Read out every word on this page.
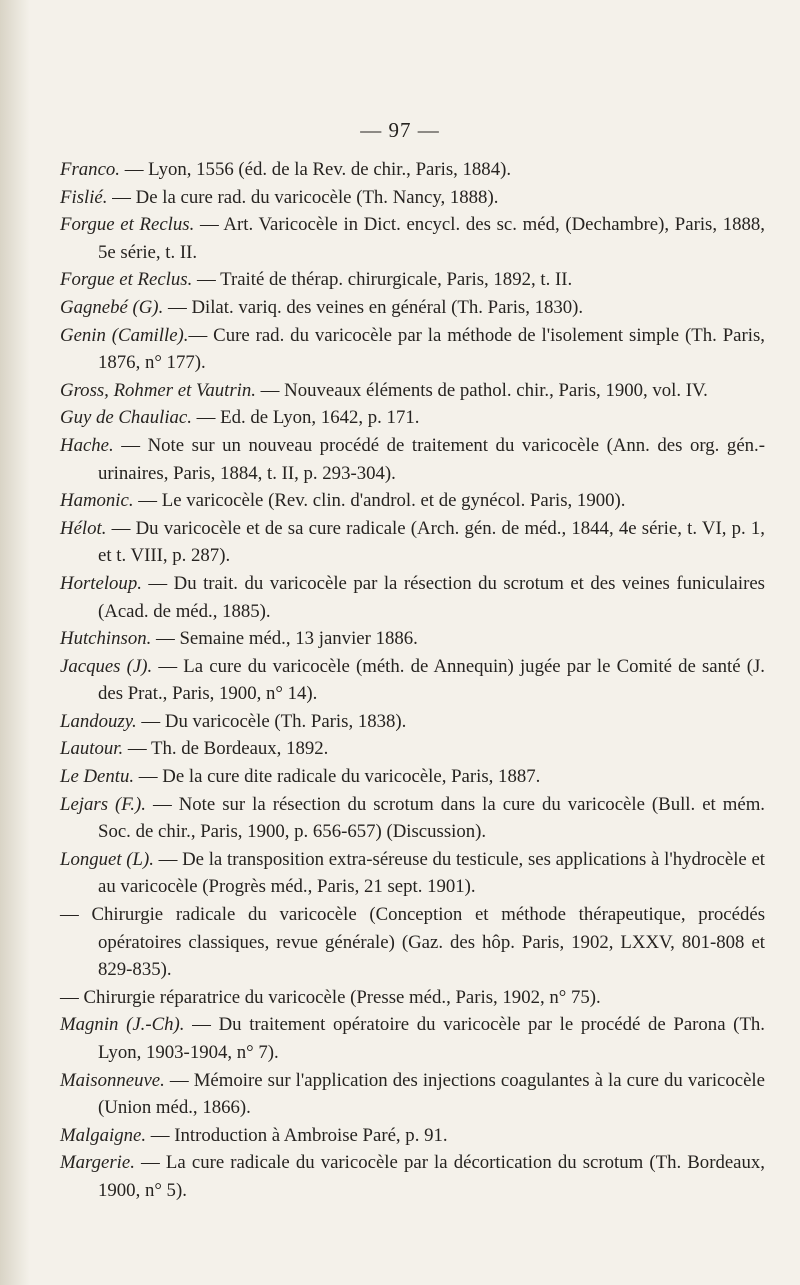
— 97 —

Franco. — Lyon, 1556 (éd. de la Rev. de chir., Paris, 1884).

Fislié. — De la cure rad. du varicocèle (Th. Nancy, 1888).

Forgue et Reclus. — Art. Varicocèle in Dict. encycl. des sc. méd, (Dechambre), Paris, 1888, 5e série, t. II.

Forgue et Reclus. — Traité de thérap. chirurgicale, Paris, 1892, t. II.

Gagnebé (G). — Dilat. variq. des veines en général (Th. Paris, 1830).

Genin (Camille).— Cure rad. du varicocèle par la méthode de l'isolement simple (Th. Paris, 1876, n° 177).

Gross, Rohmer et Vautrin. — Nouveaux éléments de pathol. chir., Paris, 1900, vol. IV.

Guy de Chauliac. — Ed. de Lyon, 1642, p. 171.

Hache. — Note sur un nouveau procédé de traitement du varicocèle (Ann. des org. gén.-urinaires, Paris, 1884, t. II, p. 293-304).

Hamonic. — Le varicocèle (Rev. clin. d'androl. et de gynécol. Paris, 1900).

Hélot. — Du varicocèle et de sa cure radicale (Arch. gén. de méd., 1844, 4e série, t. VI, p. 1, et t. VIII, p. 287).

Horteloup. — Du trait. du varicocèle par la résection du scrotum et des veines funiculaires (Acad. de méd., 1885).

Hutchinson. — Semaine méd., 13 janvier 1886.

Jacques (J). — La cure du varicocèle (méth. de Annequin) jugée par le Comité de santé (J. des Prat., Paris, 1900, n° 14).

Landouzy. — Du varicocèle (Th. Paris, 1838).

Lautour. — Th. de Bordeaux, 1892.

Le Dentu. — De la cure dite radicale du varicocèle, Paris, 1887.

Lejars (F.). — Note sur la résection du scrotum dans la cure du varicocèle (Bull. et mém. Soc. de chir., Paris, 1900, p. 656-657) (Discussion).

Longuet (L). — De la transposition extra-séreuse du testicule, ses applications à l'hydrocèle et au varicocèle (Progrès méd., Paris, 21 sept. 1901).

— Chirurgie radicale du varicocèle (Conception et méthode thérapeutique, procédés opératoires classiques, revue générale) (Gaz. des hôp. Paris, 1902, LXXV, 801-808 et 829-835).

— Chirurgie réparatrice du varicocèle (Presse méd., Paris, 1902, n° 75).

Magnin (J.-Ch). — Du traitement opératoire du varicocèle par le procédé de Parona (Th. Lyon, 1903-1904, n° 7).

Maisonneuve. — Mémoire sur l'application des injections coagulantes à la cure du varicocèle (Union méd., 1866).

Malgaigne. — Introduction à Ambroise Paré, p. 91.

Margerie. — La cure radicale du varicocèle par la décortication du scrotum (Th. Bordeaux, 1900, n° 5).
